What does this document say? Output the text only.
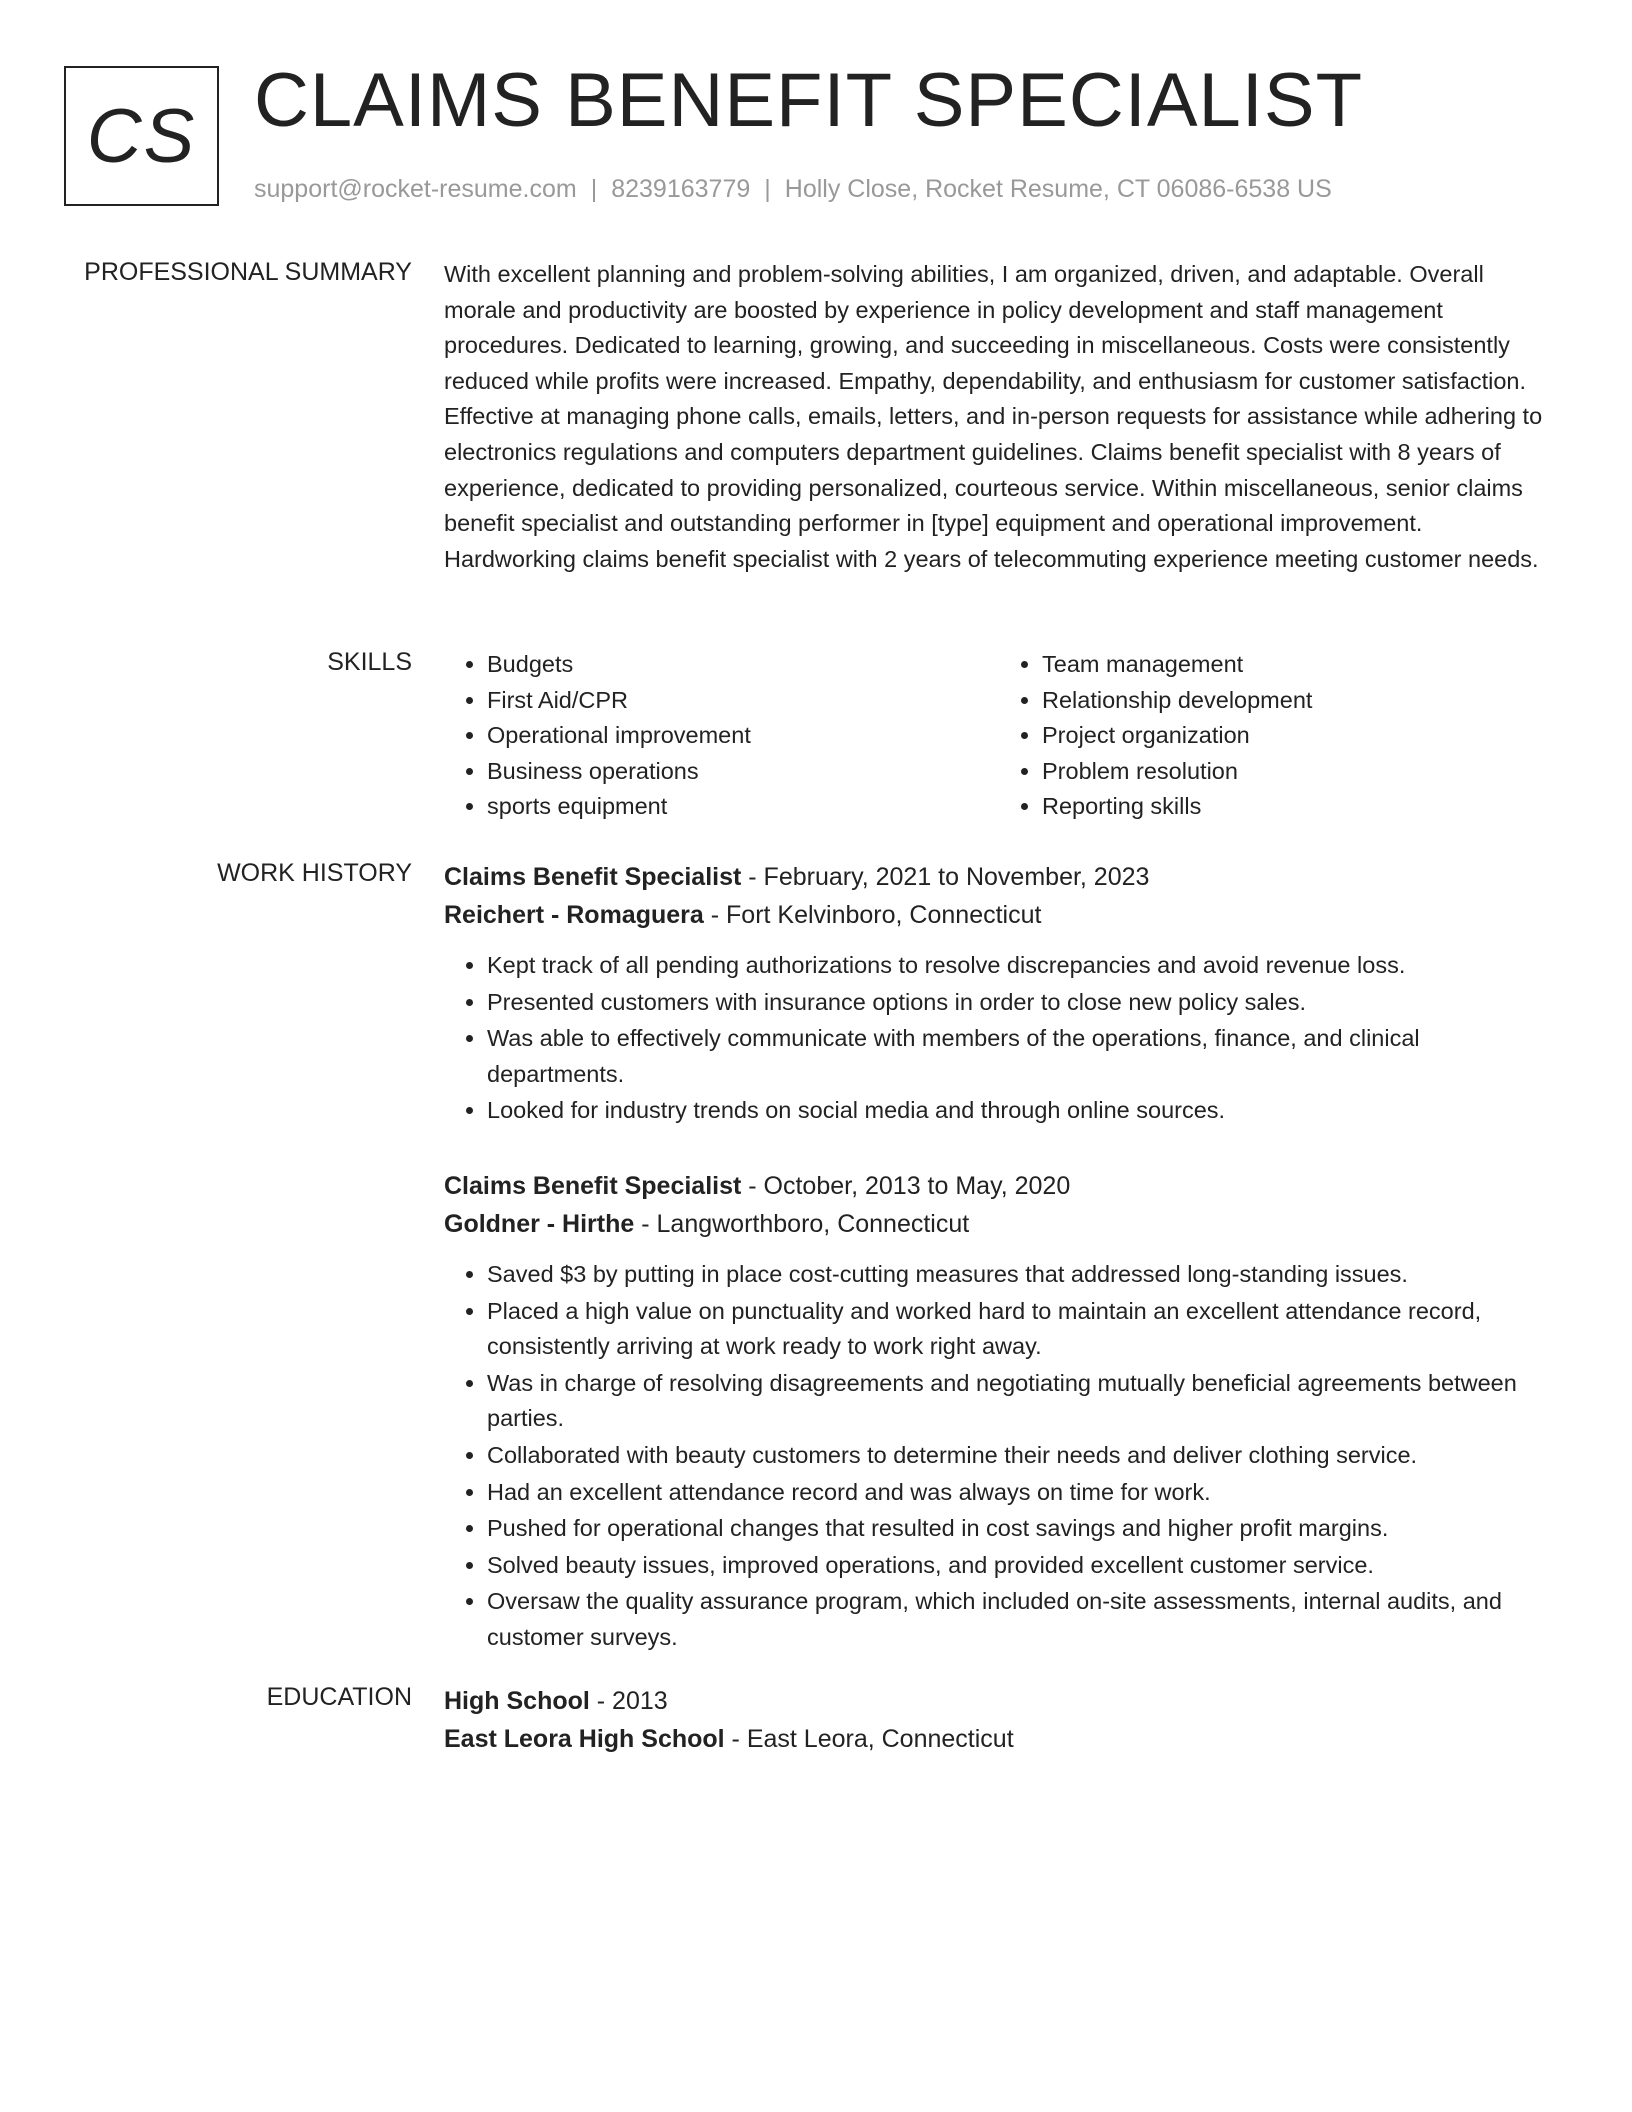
CS CLAIMS BENEFIT SPECIALIST
support@rocket-resume.com | 8239163779 | Holly Close, Rocket Resume, CT 06086-6538 US
PROFESSIONAL SUMMARY With excellent planning and problem-solving abilities, I am organized, driven, and adaptable. Overall morale and productivity are boosted by experience in policy development and staff management procedures. Dedicated to learning, growing, and succeeding in miscellaneous. Costs were consistently reduced while profits were increased. Empathy, dependability, and enthusiasm for customer satisfaction. Effective at managing phone calls, emails, letters, and in-person requests for assistance while adhering to electronics regulations and computers department guidelines. Claims benefit specialist with 8 years of experience, dedicated to providing personalized, courteous service. Within miscellaneous, senior claims benefit specialist and outstanding performer in [type] equipment and operational improvement. Hardworking claims benefit specialist with 2 years of telecommuting experience meeting customer needs.

SKILLS
•	Budgets
• First Aid/CPR
• Operational improvement
• Business operations
• sports equipment
• Team management
• Relationship development
• Project organization
• Problem resolution
• Reporting skills
WORK HISTORY Claims Benefit Specialist - February, 2021 to November, 2023

Reichert - Romaguera - Fort Kelvinboro, Connecticut

• Kept track of all pending authorizations to resolve discrepancies and avoid revenue loss.
• Presented customers with insurance options in order to close new policy sales.
• Was able to effectively communicate with members of the operations, finance, and clinical departments.
• Looked for industry trends on social media and through online sources.

Claims Benefit Specialist - October, 2013 to May, 2020

Goldner - Hirthe - Langworthboro, Connecticut

• Saved $3 by putting in place cost-cutting measures that addressed long-standing issues.
• Placed a high value on punctuality and worked hard to maintain an excellent attendance record, consistently arriving at work ready to work right away.
• Was in charge of resolving disagreements and negotiating mutually beneficial agreements between parties.
• Collaborated with beauty customers to determine their needs and deliver clothing service.
• Had an excellent attendance record and was always on time for work.
• Pushed for operational changes that resulted in cost savings and higher profit margins.
• Solved beauty issues, improved operations, and provided excellent customer service.
• Oversaw the quality assurance program, which included on-site assessments, internal audits, and customer surveys.
EDUCATION High School - 2013

East Leora High School - East Leora, Connecticut
